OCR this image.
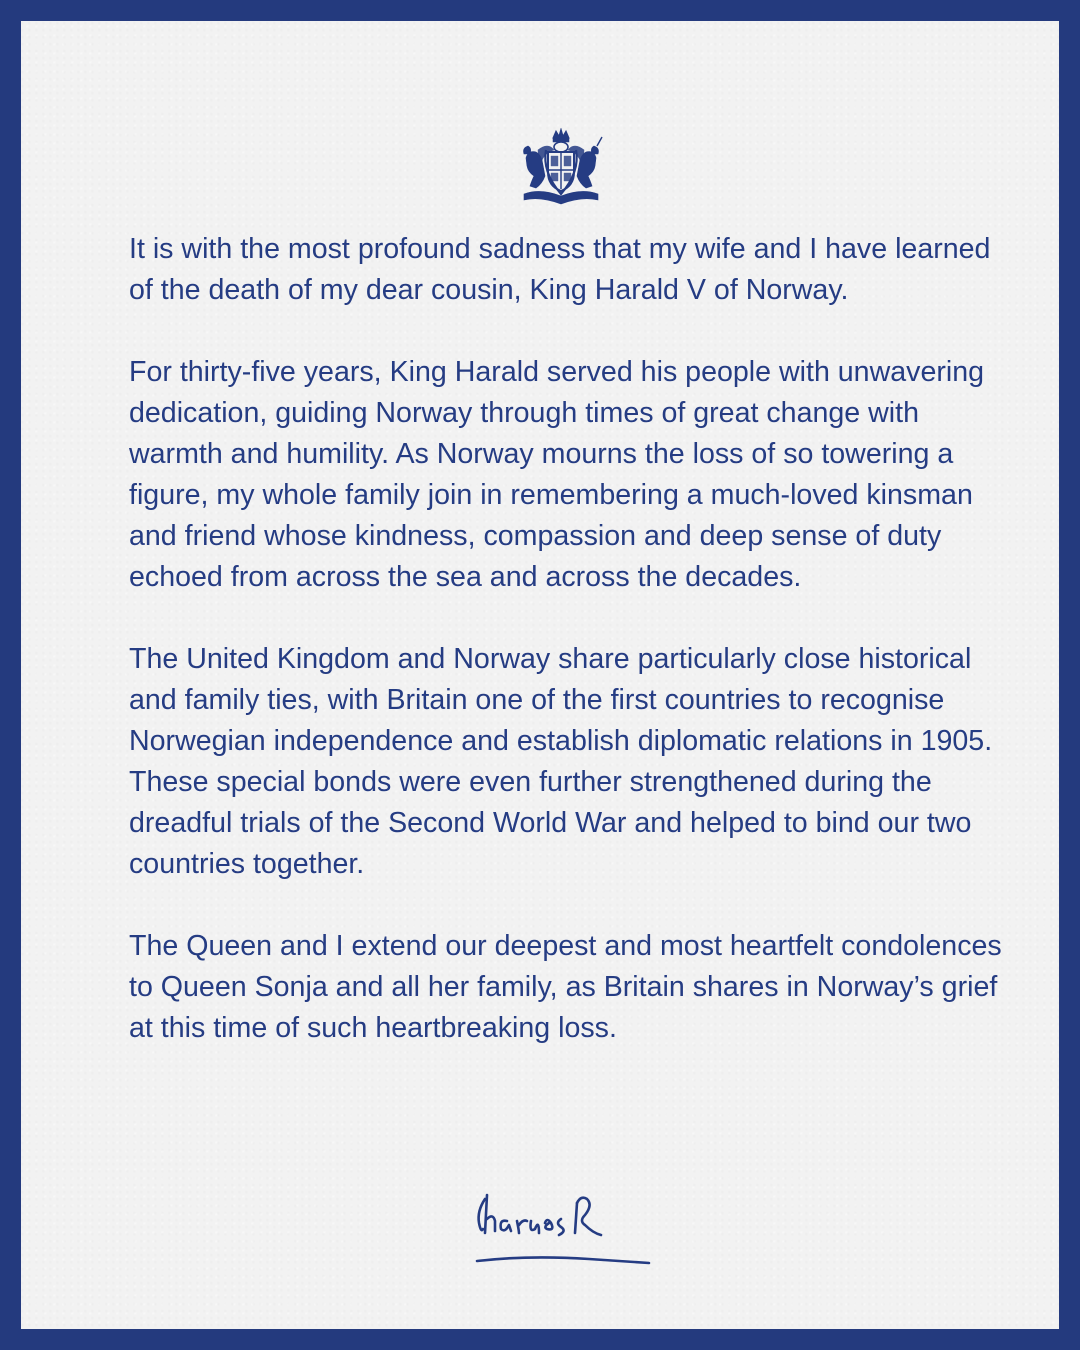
It is with the most profound sadness that my wife and I have learned of the death of my dear cousin, King Harald V of Norway.

For thirty-five years, King Harald served his people with unwavering dedication, guiding Norway through times of great change with warmth and humility. As Norway mourns the loss of so towering a figure, my whole family join in remembering a much-loved kinsman and friend whose kindness, compassion and deep sense of duty echoed from across the sea and across the decades.

The United Kingdom and Norway share particularly close historical and family ties, with Britain one of the first countries to recognise Norwegian independence and establish diplomatic relations in 1905. These special bonds were even further strengthened during the dreadful trials of the Second World War and helped to bind our two countries together.

The Queen and I extend our deepest and most heartfelt condolences to Queen Sonja and all her family, as Britain shares in Norway’s grief at this time of such heartbreaking loss.
